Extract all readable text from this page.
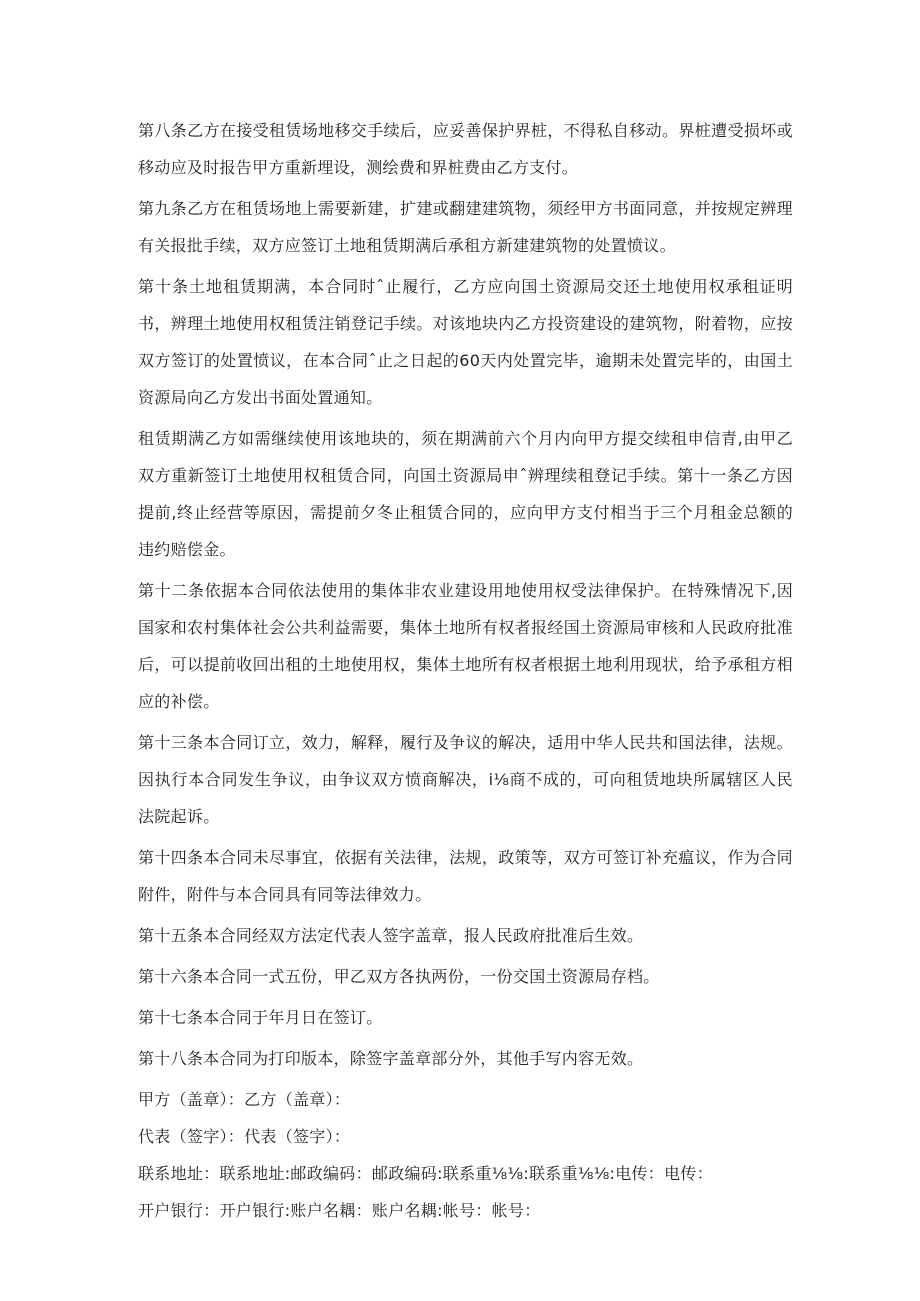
第八条乙方在接受租赁场地移交手续后，应妥善保护界桩，不得私自移动。界桩遭受损坏或移动应及时报告甲方重新埋设，测绘费和界桩费由乙方支付。

第九条乙方在租赁场地上需要新建，扩建或翻建建筑物，须经甲方书面同意，并按规定辨理有关报批手续，双方应签订土地租赁期满后承租方新建建筑物的处置愤议。

第十条土地租赁期满，本合同时ˆ止履行，乙方应向国土资源局交还土地使用权承租证明书，辨理土地使用权租赁注销登记手续。对该地块内乙方投资建设的建筑物，附着物，应按双方签订的处置愤议，在本合同ˆ止之日起的60天内处置完毕，逾期未处置完毕的，由国土资源局向乙方发出书面处置通知。

租赁期满乙方如需继续使用该地块的，须在期满前六个月内向甲方提交续租申信青,由甲乙双方重新签订土地使用权租赁合同，向国土资源局申ˆ辨理续租登记手续。第十一条乙方因提前,终止经营等原因，需提前夕冬止租赁合同的，应向甲方支付相当于三个月租金总额的违约赔偿金。

第十二条依据本合同依法使用的集体非农业建设用地使用权受法律保护。在特殊情况下,因国家和农村集体社会公共利益需要，集体土地所有权者报经国土资源局审核和人民政府批准后，可以提前收回出租的土地使用权，集体土地所有权者根据土地利用现状，给予承租方相应的补偿。

第十三条本合同订立，效力，解释，履行及争议的解决，适用中华人民共和国法律，法规。因执行本合同发生争议，由争议双方愤商解决，i⅛商不成的，可向租赁地块所属辖区人民法院起诉。

第十四条本合同未尽事宜，依据有关法律，法规，政策等，双方可签订补充瘟议，作为合同附件，附件与本合同具有同等法律效力。

第十五条本合同经双方法定代表人签字盖章，报人民政府批准后生效。

第十六条本合同一式五份，甲乙双方各执两份，一份交国土资源局存档。

第十七条本合同于年月日在签订。

第十八条本合同为打印版本，除签字盖章部分外，其他手写内容无效。

甲方（盖章）：乙方（盖章）：

代表（签字）：代表（签字）：

联系地址：联系地址:邮政编码：邮政编码:联系重⅛⅛:联系重⅛⅛:电传：电传：

开户银行：开户银行:账户名耦：账户名耦:帐号：帐号：
